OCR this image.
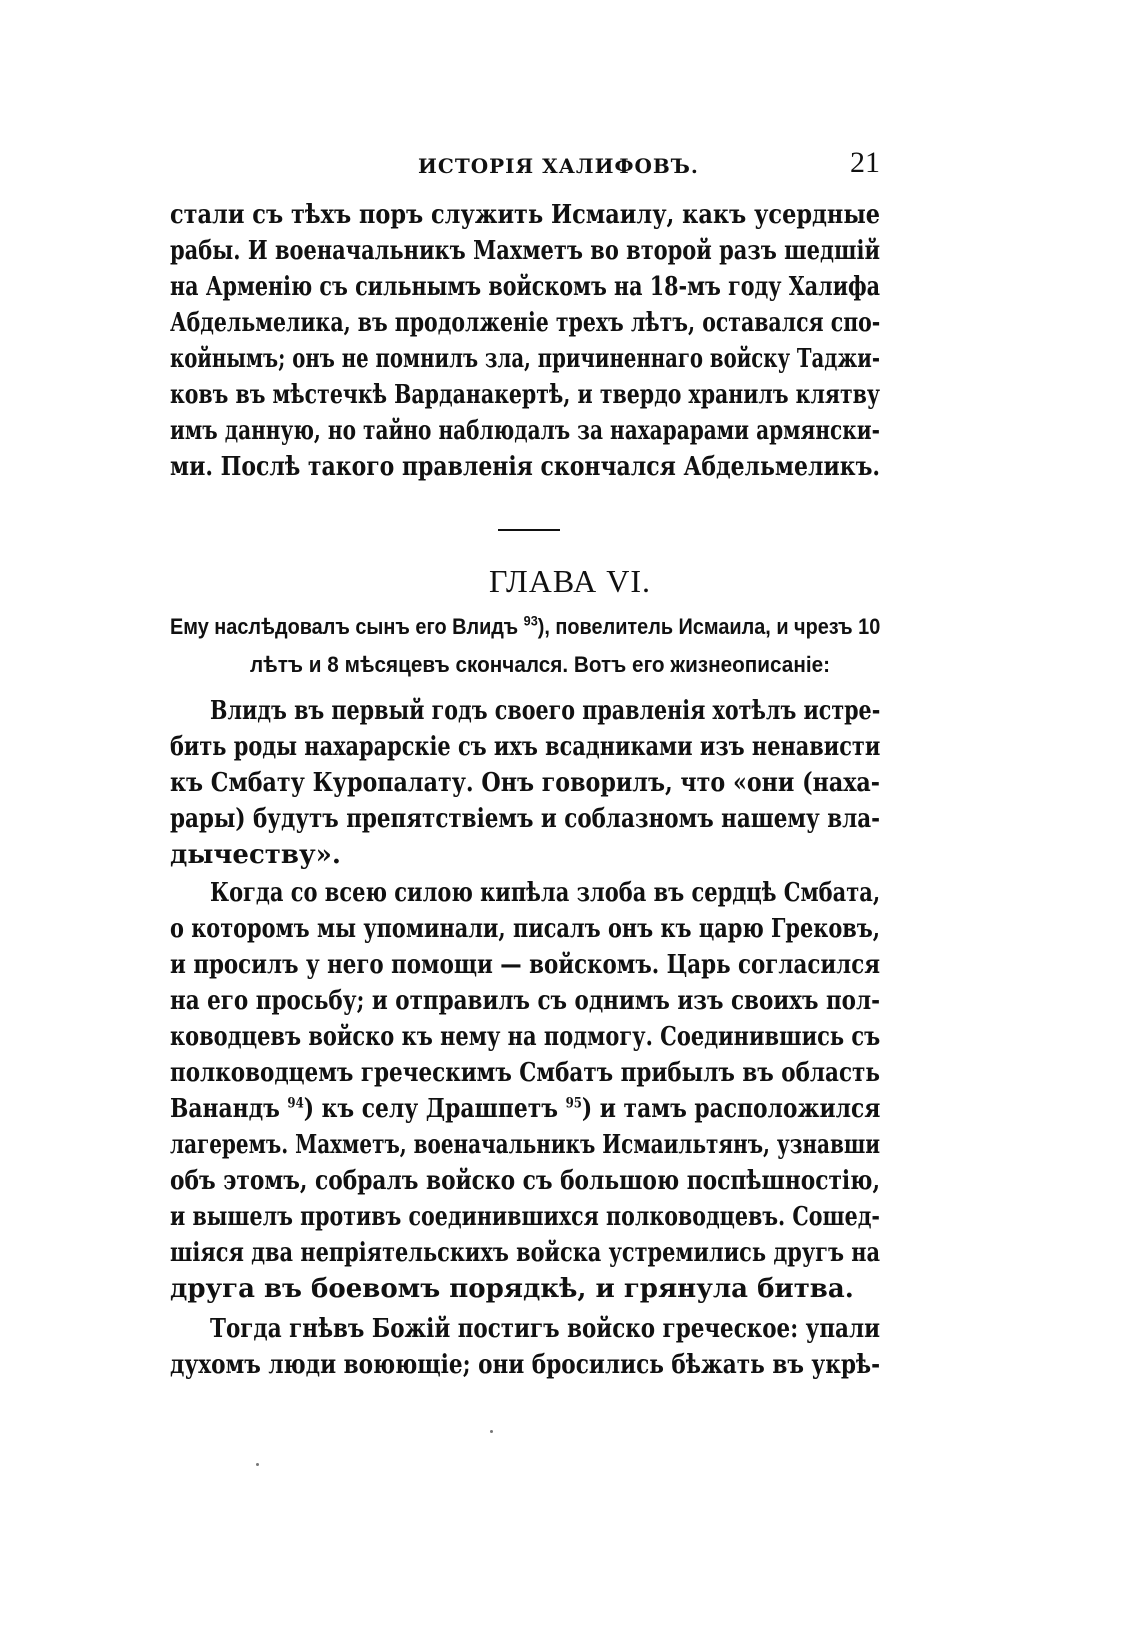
ИСТОРІЯ ХАЛИФОВЪ.	21
стали съ тѣхъ поръ служить Исмаилу, какъ усердные
рабы. И военачальникъ Махметъ во второй разъ шедшій
на Арменію съ сильнымъ войскомъ на 18-мъ году Халифа
Абдельмелика, въ продолженіе трехъ лѣтъ, оставался спо-
койнымъ; онъ не помнилъ зла, причиненнаго войску Таджи-
ковъ въ мѣстечкѣ Варданакертѣ, и твердо хранилъ клятву
имъ данную, но тайно наблюдалъ за нахарарами армянски-
ми. Послѣ такого правленія скончался Абдельмеликъ.
ГЛАВА VI.
Ему наслѣдовалъ сынъ его Влидъ $^{93}$), повелитель Исмаила, и чрезъ 10
лѣтъ и 8 мѣсяцевъ скончался. Вотъ его жизнеописаніе:
Влидъ въ первый годъ своего правленія хотѣлъ истре-
бить роды нахарарскіе съ ихъ всадниками изъ ненависти
къ Смбату Куропалату. Онъ говорилъ, что «они (наха-
рары) будутъ препятствіемъ и соблазномъ нашему вла-
дычеству».
Когда со всею силою кипѣла злоба въ сердцѣ Смбата,
о которомъ мы упоминали, писалъ онъ къ царю Грековъ,
и просилъ у него помощи — войскомъ. Царь согласился
на его просьбу; и отправилъ съ однимъ изъ своихъ пол-
ководцевъ войско къ нему на подмогу. Соединившись съ
полководцемъ греческимъ Смбатъ прибылъ въ область
Ванандъ $^{94}$) къ селу Драшпетъ $^{95}$) и тамъ расположился
лагеремъ. Махметъ, военачальникъ Исмаильтянъ, узнавши
объ этомъ, собралъ войско съ большою поспѣшностію,
и вышелъ противъ соединившихся полководцевъ. Сошед-
шіяся два непріятельскихъ войска устремились другъ на
друга въ боевомъ порядкѣ, и грянула битва.
Тогда гнѣвъ Божій постигъ войско греческое: упали
духомъ люди воюющіе; они бросились бѣжать въ укрѣ-
